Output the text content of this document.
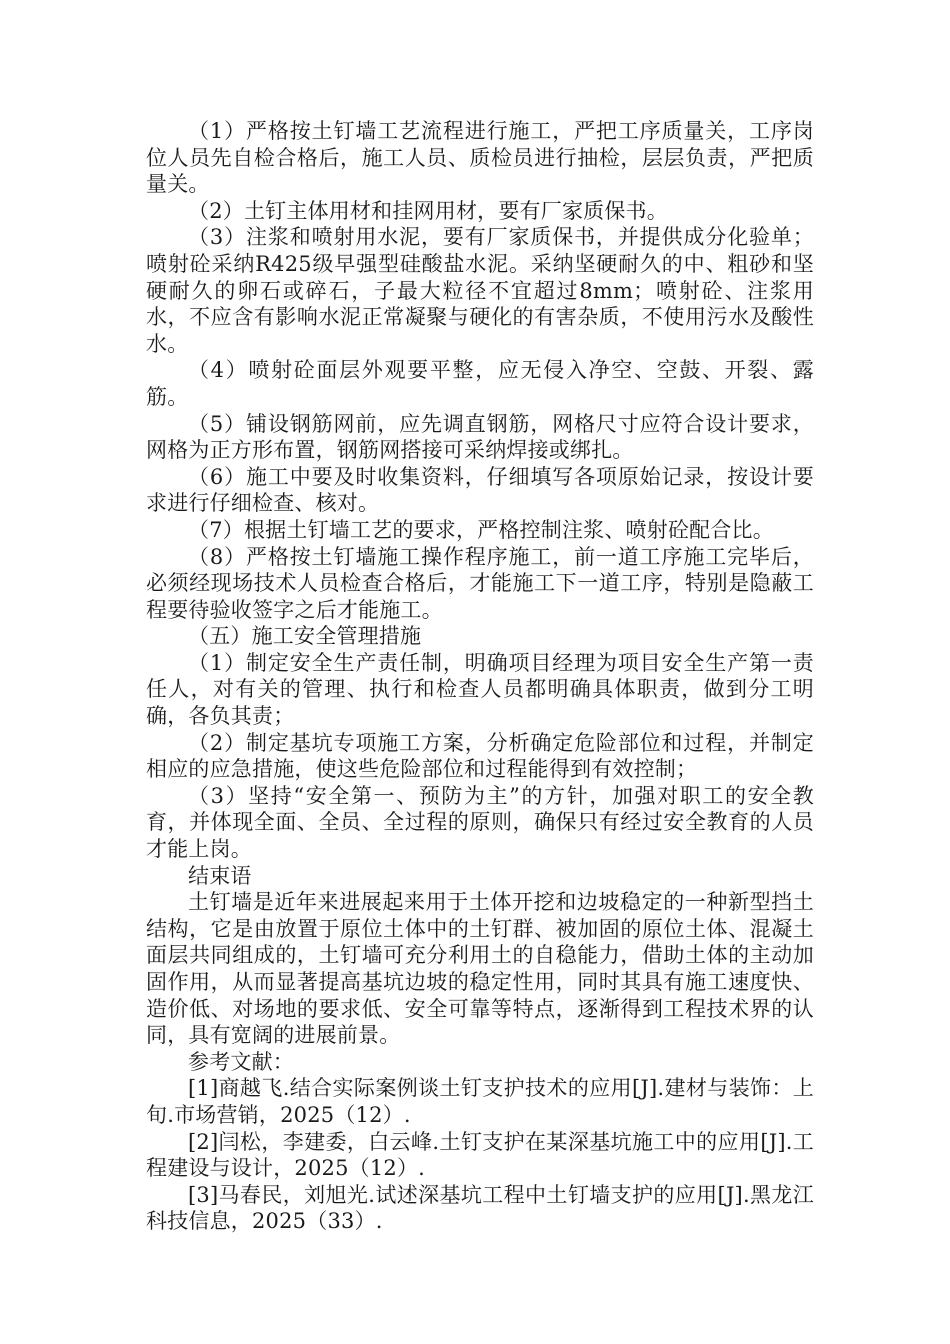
（1）严格按土钉墙工艺流程进行施工，严把工序质量关，工序岗位人员先自检合格后，施工人员、质检员进行抽检，层层负责，严把质量关。

（2）土钉主体用材和挂网用材，要有厂家质保书。

（3）注浆和喷射用水泥，要有厂家质保书，并提供成分化验单；喷射砼采纳R425级早强型硅酸盐水泥。采纳坚硬耐久的中、粗砂和坚硬耐久的卵石或碎石，子最大粒径不宜超过8mm；喷射砼、注浆用水，不应含有影响水泥正常凝聚与硬化的有害杂质，不使用污水及酸性水。

（4）喷射砼面层外观要平整，应无侵入净空、空鼓、开裂、露筋。

（5）铺设钢筋网前，应先调直钢筋，网格尺寸应符合设计要求，网格为正方形布置，钢筋网搭接可采纳焊接或绑扎。

（6）施工中要及时收集资料，仔细填写各项原始记录，按设计要求进行仔细检查、核对。

（7）根据土钉墙工艺的要求，严格控制注浆、喷射砼配合比。

（8）严格按土钉墙施工操作程序施工，前一道工序施工完毕后，必须经现场技术人员检查合格后，才能施工下一道工序，特别是隐蔽工程要待验收签字之后才能施工。

（五）施工安全管理措施

（1）制定安全生产责任制，明确项目经理为项目安全生产第一责任人，对有关的管理、执行和检查人员都明确具体职责，做到分工明确，各负其责；

（2）制定基坑专项施工方案，分析确定危险部位和过程，并制定相应的应急措施，使这些危险部位和过程能得到有效控制；

（3）坚持“安全第一、预防为主”的方针，加强对职工的安全教育，并体现全面、全员、全过程的原则，确保只有经过安全教育的人员才能上岗。

结束语

土钉墙是近年来进展起来用于土体开挖和边坡稳定的一种新型挡土结构，它是由放置于原位土体中的土钉群、被加固的原位土体、混凝土面层共同组成的，土钉墙可充分利用土的自稳能力，借助土体的主动加固作用，从而显著提高基坑边坡的稳定性用，同时其具有施工速度快、造价低、对场地的要求低、安全可靠等特点，逐渐得到工程技术界的认同，具有宽阔的进展前景。

参考文献：

[1]商越飞.结合实际案例谈土钉支护技术的应用[J].建材与装饰：上旬.市场营销，2025（12）.

[2]闫松，李建委，白云峰.土钉支护在某深基坑施工中的应用[J].工程建设与设计，2025（12）.

[3]马春民，刘旭光.试述深基坑工程中土钉墙支护的应用[J].黑龙江科技信息，2025（33）.
